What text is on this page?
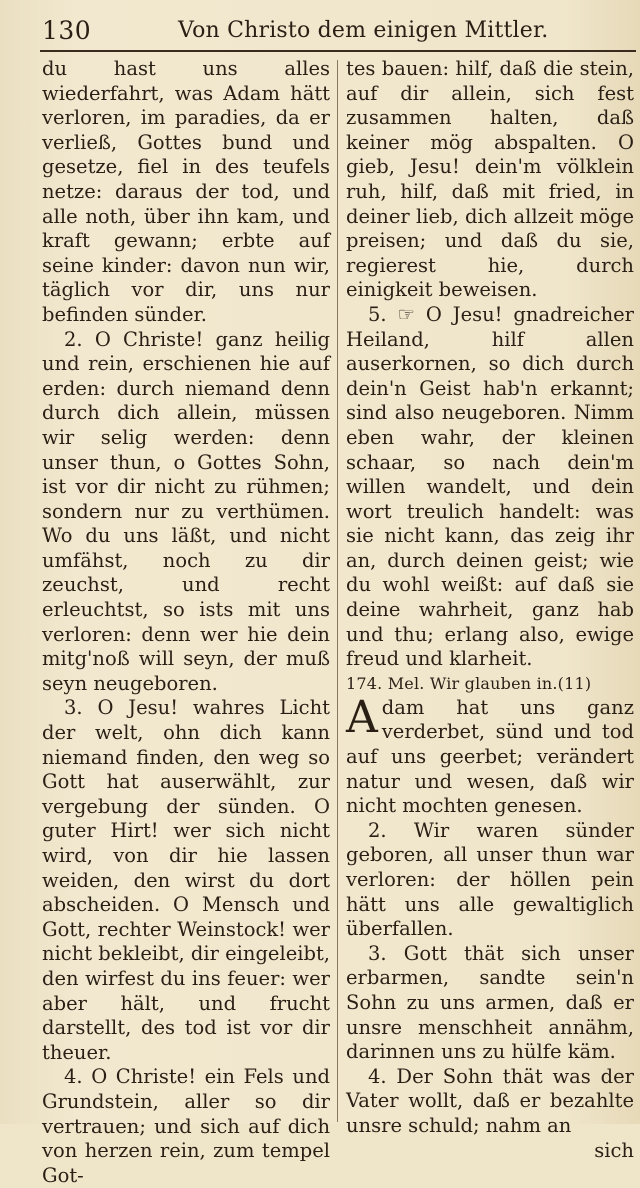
130	Von Christo dem einigen Mittler.

du hast uns alles wiederfahrt, was Adam hätt verloren, im paradies, da er verließ, Gottes bund und gesetze, fiel in des teufels netze: daraus der tod, und alle noth, über ihn kam, und kraft gewann; erbte auf seine kinder: davon nun wir, täglich vor dir, uns nur befinden sünder.

2. O Christe! ganz heilig und rein, erschienen hie auf erden: durch niemand denn durch dich allein, müssen wir selig werden: denn unser thun, o Gottes Sohn, ist vor dir nicht zu rühmen; sondern nur zu verthümen. Wo du uns läßt, und nicht umfähst, noch zu dir zeuchst, und recht erleuchtst, so ists mit uns verloren: denn wer hie dein mitg'noß will seyn, der muß seyn neugeboren.

3. O Jesu! wahres Licht der welt, ohn dich kann niemand finden, den weg so Gott hat auserwählt, zur vergebung der sünden. O guter Hirt! wer sich nicht wird, von dir hie lassen weiden, den wirst du dort abscheiden. O Mensch und Gott, rechter Weinstock! wer nicht bekleibt, dir eingeleibt, den wirfest du ins feuer: wer aber hält, und frucht darstellt, des tod ist vor dir theuer.

4. O Christe! ein Fels und Grundstein, aller so dir vertrauen; und sich auf dich von herzen rein, zum tempel Got-

tes bauen: hilf, daß die stein, auf dir allein, sich fest zusammen halten, daß keiner mög abspalten. O gieb, Jesu! dein'm völklein ruh, hilf, daß mit fried, in deiner lieb, dich allzeit möge preisen; und daß du sie, regierest hie, durch einigkeit beweisen.

5. ☞ O Jesu! gnadreicher Heiland, hilf allen auserkornen, so dich durch dein'n Geist hab'n erkannt; sind also neugeboren. Nimm eben wahr, der kleinen schaar, so nach dein'm willen wandelt, und dein wort treulich handelt: was sie nicht kann, das zeig ihr an, durch deinen geist; wie du wohl weißt: auf daß sie deine wahrheit, ganz hab und thu; erlang also, ewige freud und klarheit.

174. Mel. Wir glauben in.(11)

Adam hat uns ganz verderbet, sünd und tod auf uns geerbet; verändert natur und wesen, daß wir nicht mochten genesen.

2. Wir waren sünder geboren, all unser thun war verloren: der höllen pein hätt uns alle gewaltiglich überfallen.

3. Gott thät sich unser erbarmen, sandte sein'n Sohn zu uns armen, daß er unsre menschheit annähm, darinnen uns zu hülfe käm.

4. Der Sohn thät was der Vater wollt, daß er bezahlte unsre schuld; nahm an

sich
